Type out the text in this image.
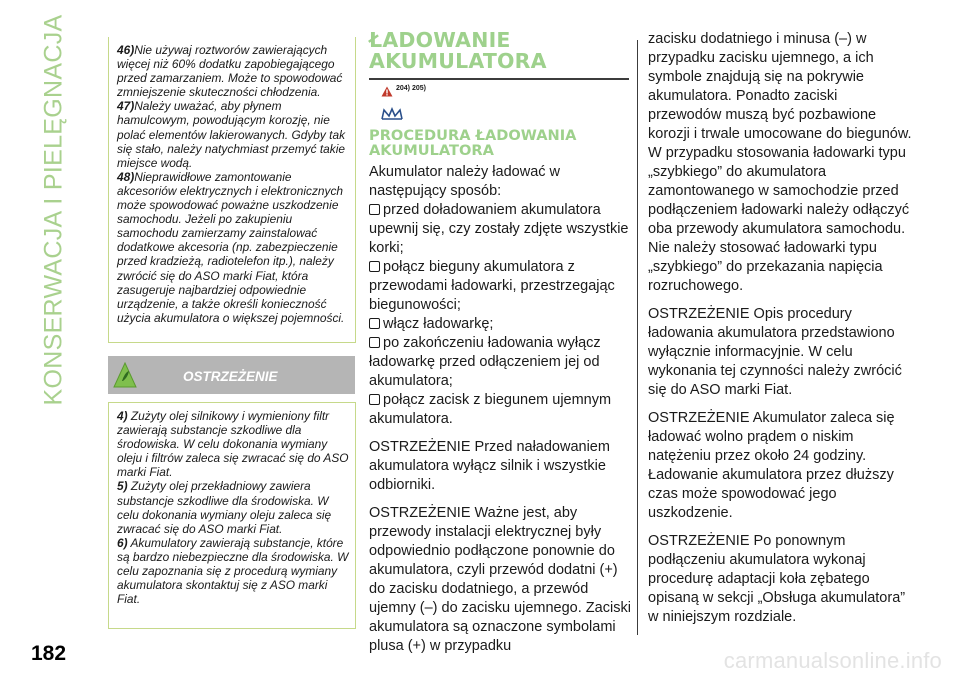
KONSERWACJA I PIELĘGNACJA
182

46)Nie używaj roztworów zawierających więcej niż 60% dodatku zapobiegającego przed zamarzaniem. Może to spowodować zmniejszenie skuteczności chłodzenia.

47)Należy uważać, aby płynem hamulcowym, powodującym korozję, nie polać elementów lakierowanych. Gdyby tak się stało, należy natychmiast przemyć takie miejsce wodą.

48)Nieprawidłowe zamontowanie akcesoriów elektrycznych i elektronicznych może spowodować poważne uszkodzenie samochodu. Jeżeli po zakupieniu samochodu zamierzamy zainstalować dodatkowe akcesoria (np. zabezpieczenie przed kradzieżą, radiotelefon itp.), należy zwrócić się do ASO marki Fiat, która zasugeruje najbardziej odpowiednie urządzenie, a także określi konieczność użycia akumulatora o większej pojemności.

OSTRZEŻENIE

4) Zużyty olej silnikowy i wymieniony filtr zawierają substancje szkodliwe dla środowiska. W celu dokonania wymiany oleju i filtrów zaleca się zwracać się do ASO marki Fiat.

5) Zużyty olej przekładniowy zawiera substancje szkodliwe dla środowiska. W celu dokonania wymiany oleju zaleca się zwracać się do ASO marki Fiat.

6) Akumulatory zawierają substancje, które są bardzo niebezpieczne dla środowiska. W celu zapoznania się z procedurą wymiany akumulatora skontaktuj się z ASO marki Fiat.

ŁADOWANIE AKUMULATORA
204) 205)
PROCEDURA ŁADOWANIA AKUMULATORA

Akumulator należy ładować w następujący sposób:

przed doładowaniem akumulatora upewnij się, czy zostały zdjęte wszystkie korki;
połącz bieguny akumulatora z przewodami ładowarki, przestrzegając biegunowości;
włącz ładowarkę;
po zakończeniu ładowania wyłącz ładowarkę przed odłączeniem jej od akumulatora;
połącz zacisk z biegunem ujemnym akumulatora.

OSTRZEŻENIE Przed naładowaniem akumulatora wyłącz silnik i wszystkie odbiorniki.

OSTRZEŻENIE Ważne jest, aby przewody instalacji elektrycznej były odpowiednio podłączone ponownie do akumulatora, czyli przewód dodatni (+) do zacisku dodatniego, a przewód ujemny (–) do zacisku ujemnego. Zaciski akumulatora są oznaczone symbolami plusa (+) w przypadku

zacisku dodatniego i minusa (–) w przypadku zacisku ujemnego, a ich symbole znajdują się na pokrywie akumulatora. Ponadto zaciski przewodów muszą być pozbawione korozji i trwale umocowane do biegunów. W przypadku stosowania ładowarki typu „szybkiego” do akumulatora zamontowanego w samochodzie przed podłączeniem ładowarki należy odłączyć oba przewody akumulatora samochodu. Nie należy stosować ładowarki typu „szybkiego” do przekazania napięcia rozruchowego.

OSTRZEŻENIE Opis procedury ładowania akumulatora przedstawiono wyłącznie informacyjnie. W celu wykonania tej czynności należy zwrócić się do ASO marki Fiat.

OSTRZEŻENIE Akumulator zaleca się ładować wolno prądem o niskim natężeniu przez około 24 godziny. Ładowanie akumulatora przez dłuższy czas może spowodować jego uszkodzenie.

OSTRZEŻENIE Po ponownym podłączeniu akumulatora wykonaj procedurę adaptacji koła zębatego opisaną w sekcji „Obsługa akumulatora” w niniejszym rozdziale.

carmanualsonline.info
